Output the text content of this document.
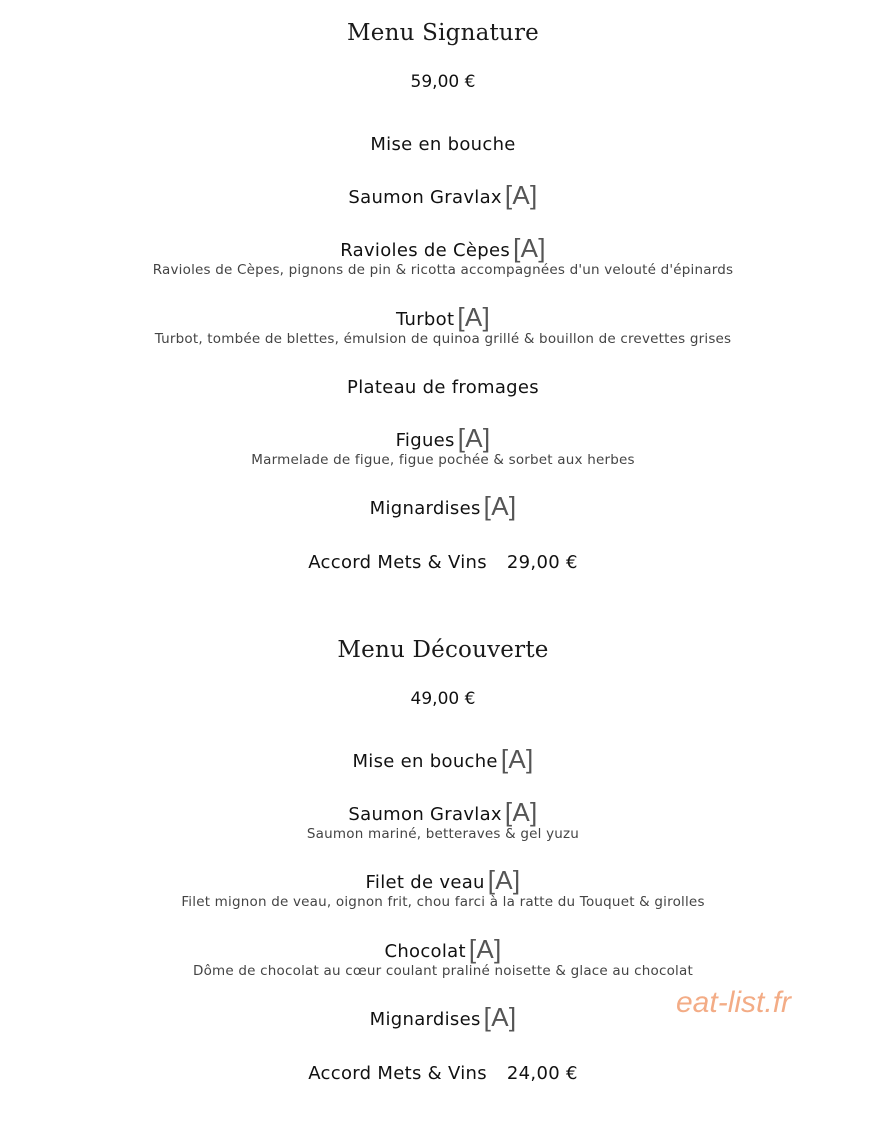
Menu Signature
59,00 €
Mise en bouche
Saumon Gravlax [A]
Ravioles de Cèpes [A]
Ravioles de Cèpes, pignons de pin & ricotta accompagnées d'un velouté d'épinards
Turbot [A]
Turbot, tombée de blettes, émulsion de quinoa grillé & bouillon de crevettes grises
Plateau de fromages
Figues [A]
Marmelade de figue, figue pochée & sorbet aux herbes
Mignardises [A]
Accord Mets & Vins 29,00 €
Menu Découverte
49,00 €
Mise en bouche [A]
Saumon Gravlax [A]
Saumon mariné, betteraves & gel yuzu
Filet de veau [A]
Filet mignon de veau, oignon frit, chou farci à la ratte du Touquet & girolles
Chocolat [A]
Dôme de chocolat au cœur coulant praliné noisette & glace au chocolat
Mignardises [A]
Accord Mets & Vins 24,00 €
eat-list.fr
